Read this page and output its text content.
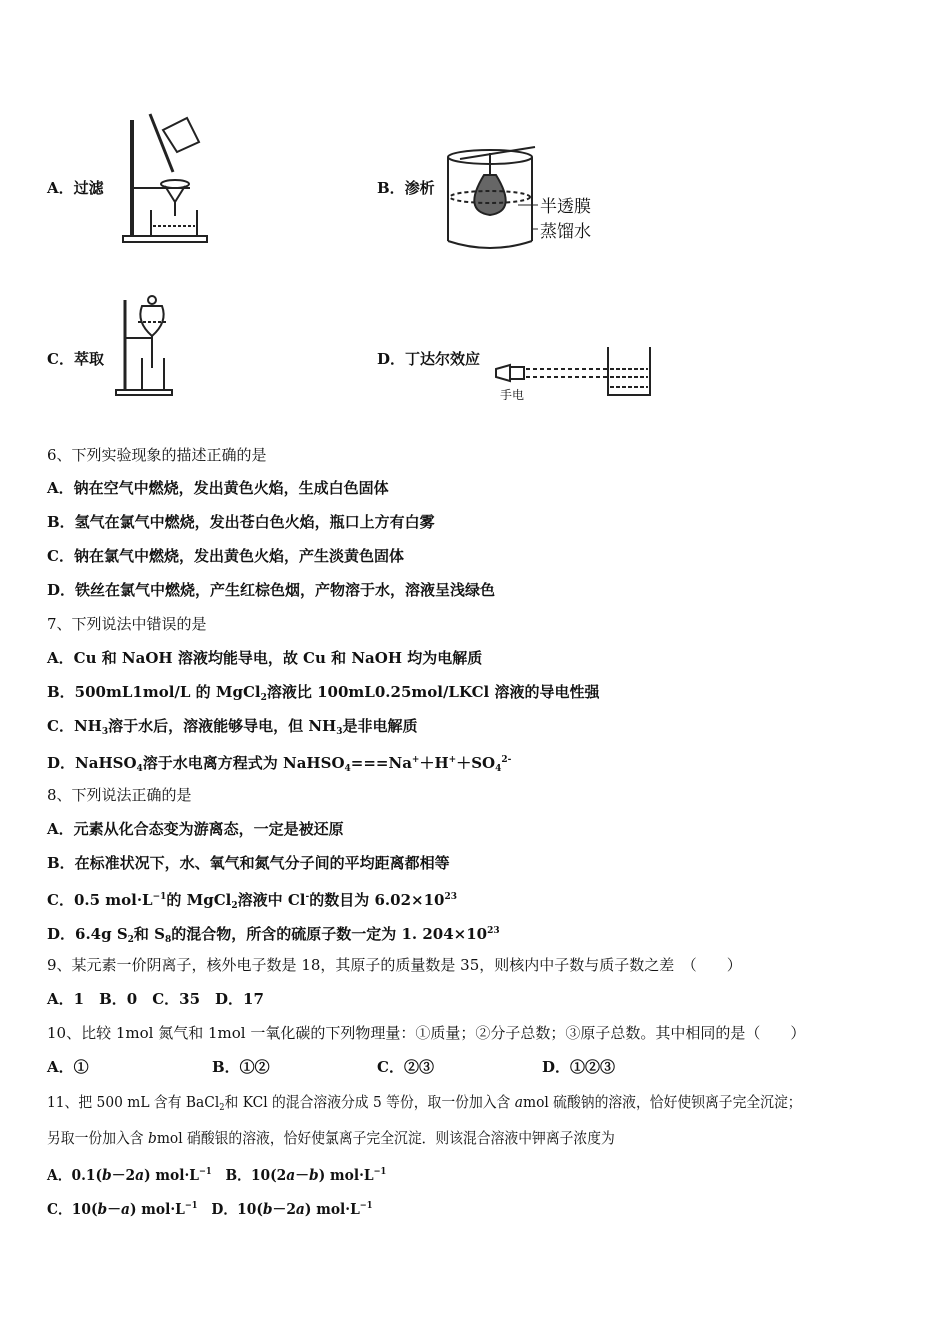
A．过滤	B．渗析
半透膜
蒸馏水
C．萃取	D．丁达尔效应
手电
6、下列实验现象的描述正确的是
A．钠在空气中燃烧，发出黄色火焰，生成白色固体
B．氢气在氯气中燃烧，发出苍白色火焰，瓶口上方有白雾
C．钠在氯气中燃烧，发出黄色火焰，产生淡黄色固体
D．铁丝在氯气中燃烧，产生红棕色烟，产物溶于水，溶液呈浅绿色
7、下列说法中错误的是
A．Cu 和 NaOH 溶液均能导电，故 Cu 和 NaOH 均为电解质
B．500mL1mol/L 的 MgCl$_2$溶液比 100mL0.25mol/LKCl 溶液的导电性强
C．$NH_3$溶于水后，溶液能够导电，但 $NH_3$是非电解质
D．NaHSO$_4$溶于水电离方程式为 $NaHSO_4===Na^++H^++SO_4^{2-}$
8、下列说法正确的是
A．元素从化合态变为游离态，一定是被还原
B．在标准状况下，水、氧气和氮气分子间的平均距离都相等
C．0.5 $mol\cdot L^{-1}$的 MgCl$_2$溶液中 Cl-的数目为 $6.02\times 10^{23}$
D．6.4g $S_2$和 $S_8$的混合物，所含的硫原子数一定为 1. $204\times 10^{23}$
9、某元素一价阴离子，核外电子数是 18，其原子的质量数是 35，则核内中子数与质子数之差　（　　）
A．1　B．0　C．35　D．17
10、比较 1mol 氮气和 1mol 一氧化碳的下列物理量：①质量；②分子总数；③原子总数。其中相同的是（　　）
A．①	B．①②	C．②③	D．①②③
11、把 500 mL 含有 BaCl$_2$和 KCl 的混合溶液分成 5 等份，取一份加入含 amol 硫酸钠的溶液，恰好使钡离子完全沉淀；
另取一份加入含 bmol 硝酸银的溶液，恰好使氯离子完全沉淀．则该混合溶液中钾离子浓度为
A．0.1(b－2a) $mol\cdot L^{-1}$　B．10(2a－b) $mol\cdot L^{-1}$
C．10(b－a) $mol\cdot L^{-1}$　D．10(b－2a) $mol\cdot L^{-1}$
